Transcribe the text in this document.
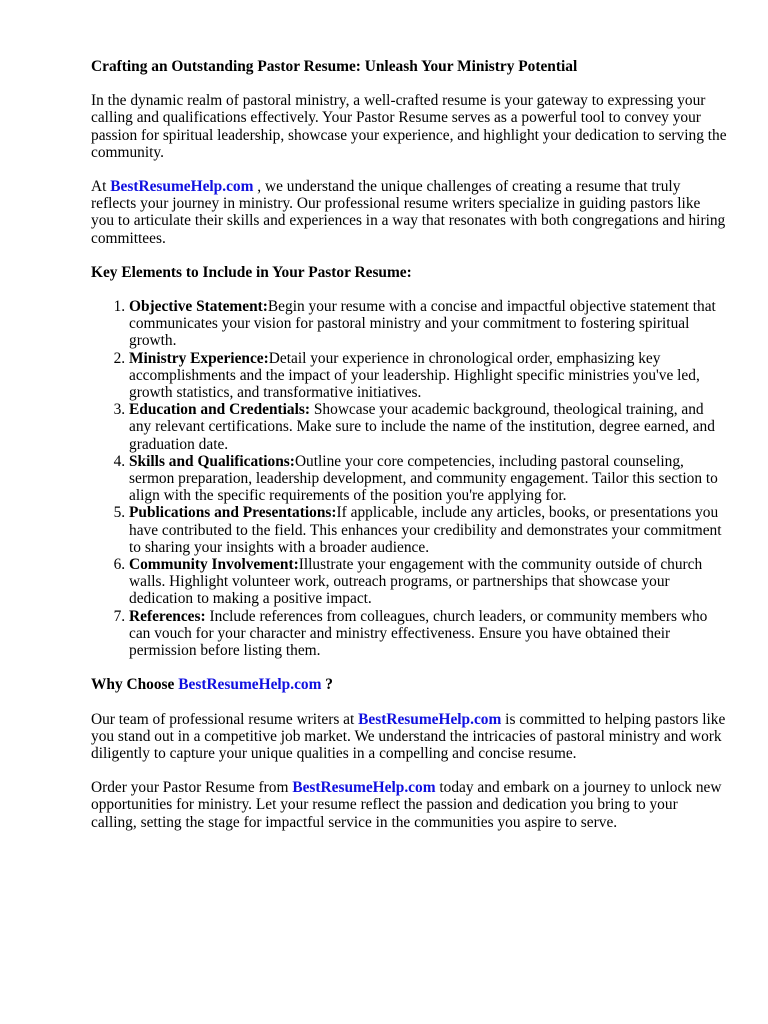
Crafting an Outstanding Pastor Resume: Unleash Your Ministry Potential

In the dynamic realm of pastoral ministry, a well-crafted resume is your gateway to expressing your calling and qualifications effectively. Your Pastor Resume serves as a powerful tool to convey your passion for spiritual leadership, showcase your experience, and highlight your dedication to serving the community.

At BestResumeHelp.com , we understand the unique challenges of creating a resume that truly reflects your journey in ministry. Our professional resume writers specialize in guiding pastors like you to articulate their skills and experiences in a way that resonates with both congregations and hiring committees.

Key Elements to Include in Your Pastor Resume:
1. Objective Statement:Begin your resume with a concise and impactful objective statement that communicates your vision for pastoral ministry and your commitment to fostering spiritual growth.
2. Ministry Experience:Detail your experience in chronological order, emphasizing key accomplishments and the impact of your leadership. Highlight specific ministries you've led, growth statistics, and transformative initiatives.
3. Education and Credentials: Showcase your academic background, theological training, and any relevant certifications. Make sure to include the name of the institution, degree earned, and graduation date.
4. Skills and Qualifications:Outline your core competencies, including pastoral counseling, sermon preparation, leadership development, and community engagement. Tailor this section to align with the specific requirements of the position you're applying for.
5. Publications and Presentations:If applicable, include any articles, books, or presentations you have contributed to the field. This enhances your credibility and demonstrates your commitment to sharing your insights with a broader audience.
6. Community Involvement:Illustrate your engagement with the community outside of church walls. Highlight volunteer work, outreach programs, or partnerships that showcase your dedication to making a positive impact.
7. References: Include references from colleagues, church leaders, or community members who can vouch for your character and ministry effectiveness. Ensure you have obtained their permission before listing them.
Why Choose BestResumeHelp.com ?

Our team of professional resume writers at BestResumeHelp.com is committed to helping pastors like you stand out in a competitive job market. We understand the intricacies of pastoral ministry and work diligently to capture your unique qualities in a compelling and concise resume.

Order your Pastor Resume from BestResumeHelp.com today and embark on a journey to unlock new opportunities for ministry. Let your resume reflect the passion and dedication you bring to your calling, setting the stage for impactful service in the communities you aspire to serve.
